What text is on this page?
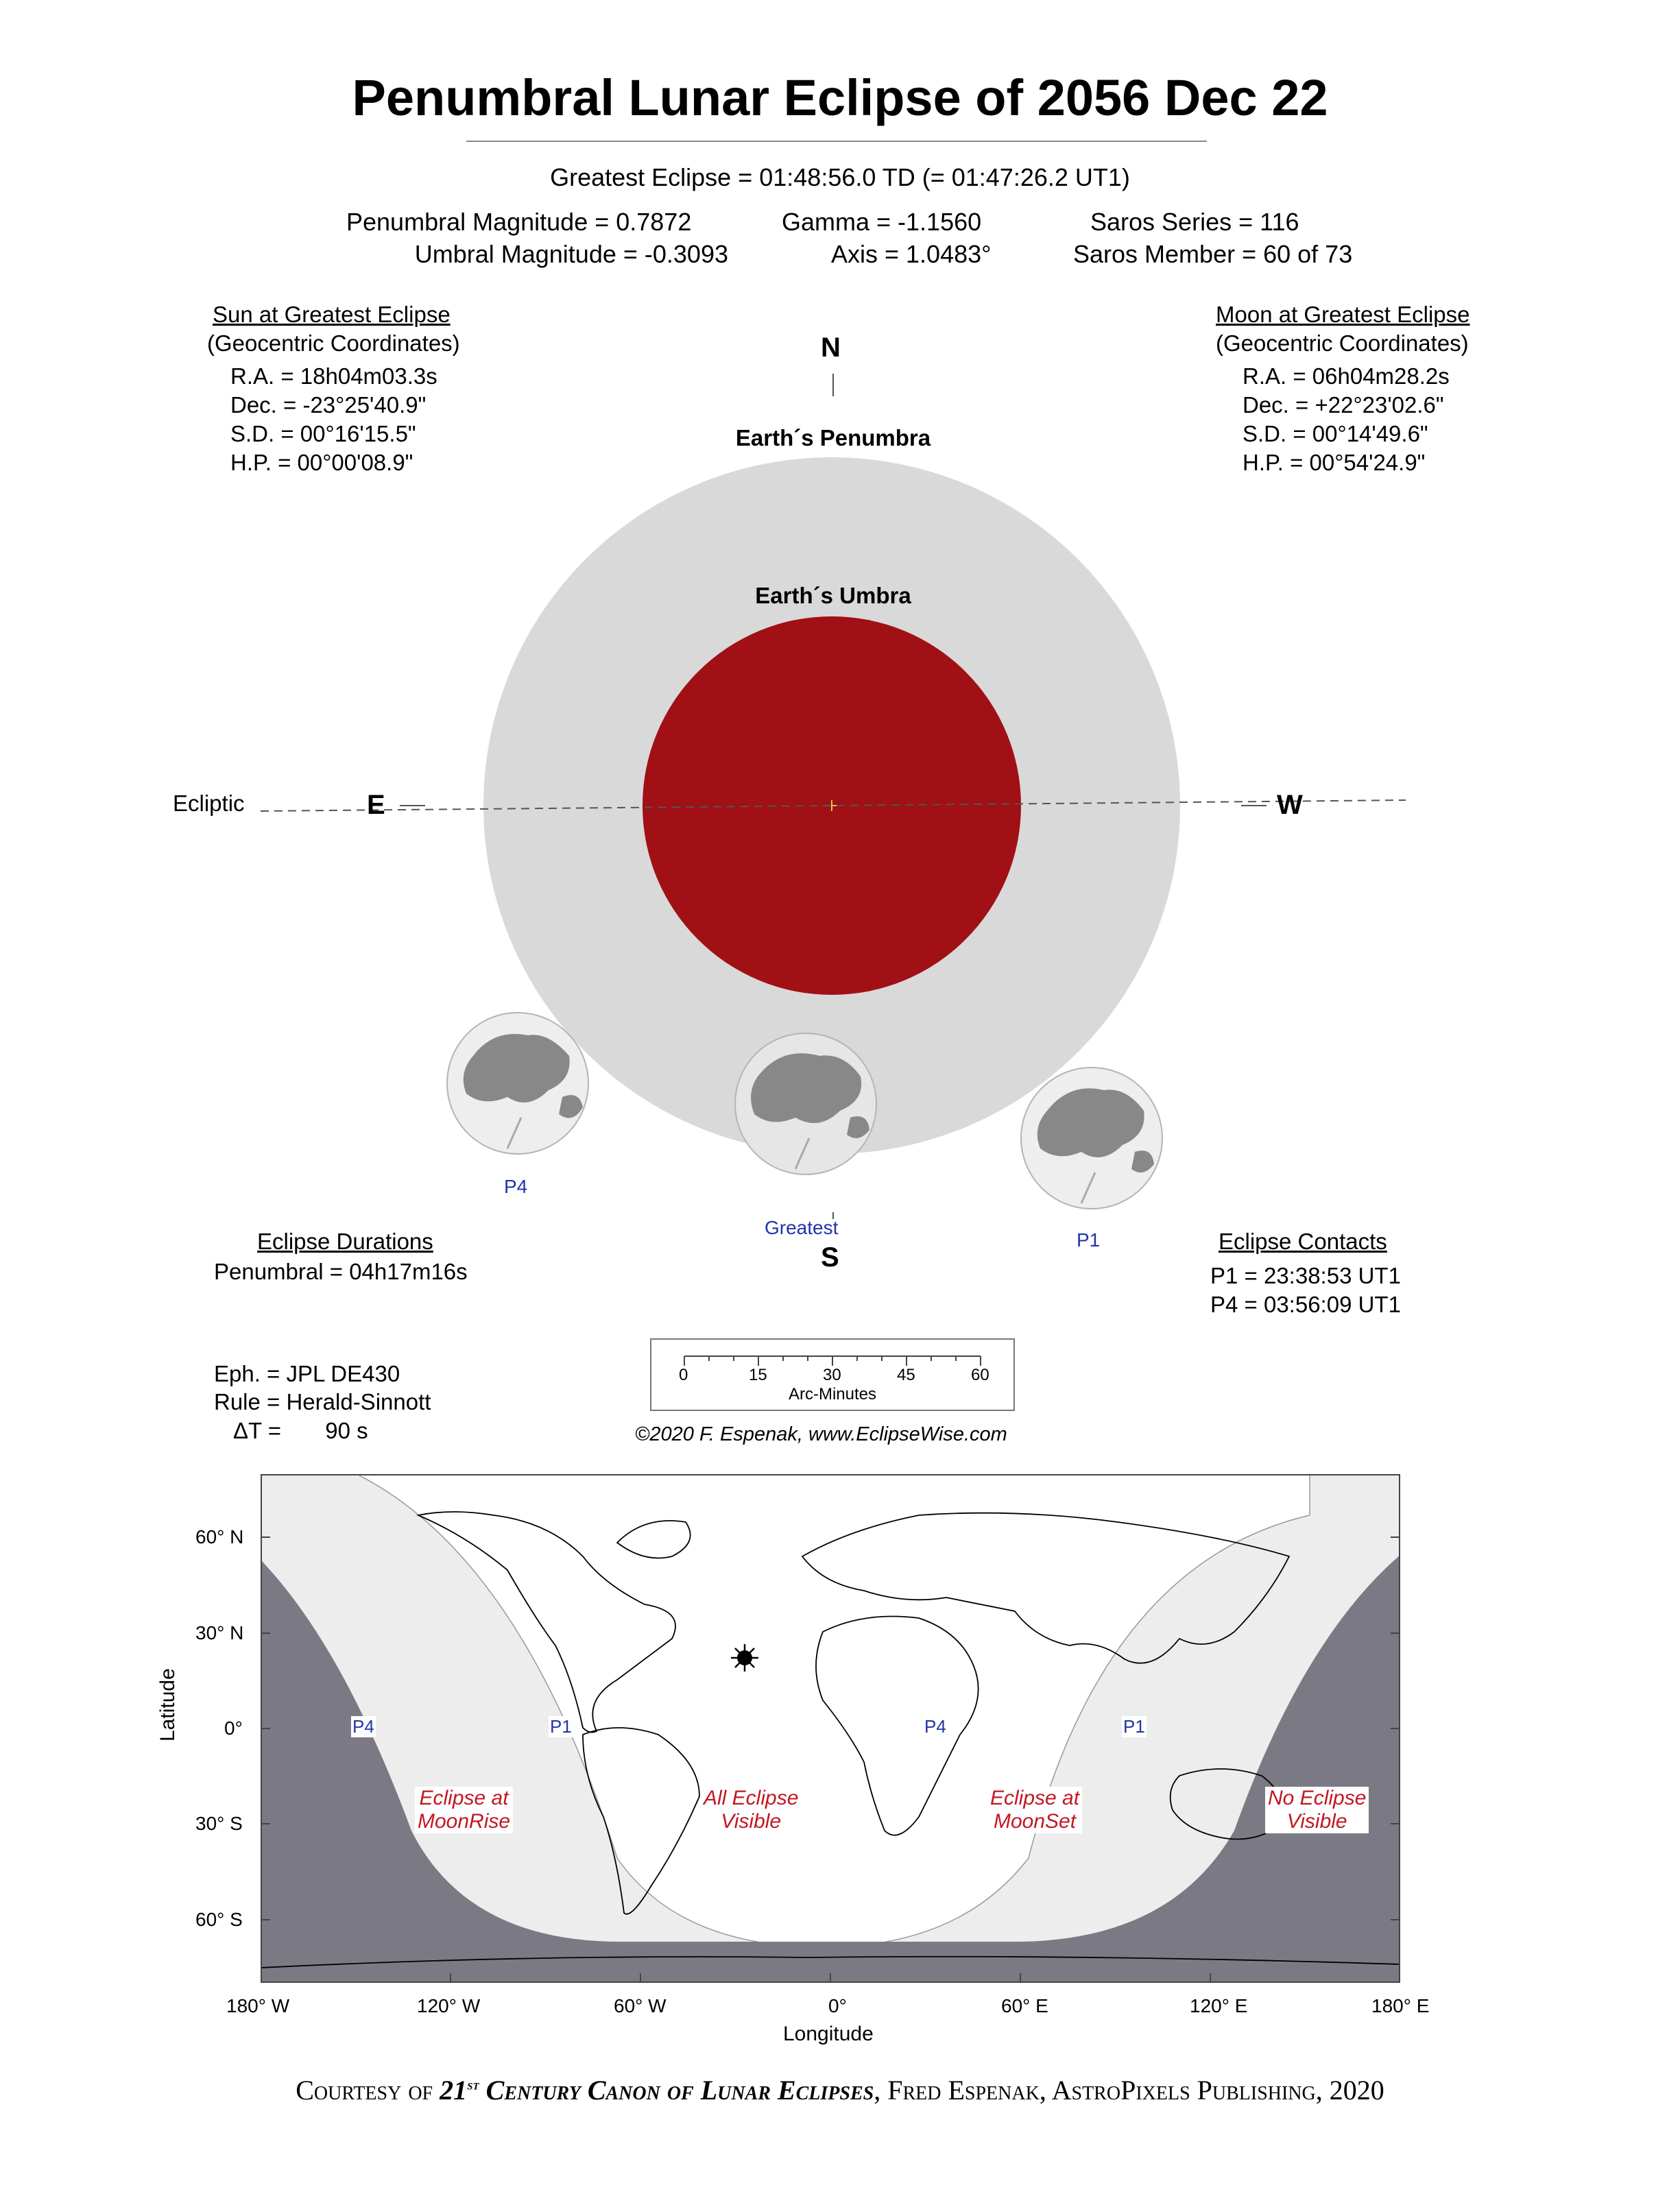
Penumbral Lunar Eclipse of 2056 Dec 22
Greatest Eclipse = 01:48:56.0 TD (= 01:47:26.2 UT1)
Penumbral Magnitude = 0.7872
Umbral Magnitude = -0.3093
Gamma = -1.1560
Axis = 1.0483°
Saros Series = 116
Saros Member = 60 of 73
Sun at Greatest Eclipse
(Geocentric Coordinates)
R.A. = 18h04m03.3s
Dec. = -23°25'40.9"
S.D. = 00°16'15.5"
H.P. = 00°00'08.9"
Moon at Greatest Eclipse
(Geocentric Coordinates)
R.A. = 06h04m28.2s
Dec. = +22°23'02.6"
S.D. = 00°14'49.6"
H.P. = 00°54'24.9"
N
S
E	W
Ecliptic
Earth´s Penumbra
Earth´s Umbra
P4
Greatest
P1
Eclipse Durations
Penumbral = 04h17m16s
Eclipse Contacts
P1 = 23:38:53 UT1
P4 = 03:56:09 UT1
Eph. = JPL DE430
Rule = Herald-Sinnott
ΔT =       90 s
0	15	30	45	60
Arc-Minutes
©2020 F. Espenak, www.EclipseWise.com
P4	P1	P4	P1
Eclipse at
MoonRise
All Eclipse
Visible
Eclipse at
MoonSet
No Eclipse
Visible
60° N
30° N
0°
30° S
60° S
Latitude
180° W	120° W	60° W	0°	60° E	120° E	180° E
Longitude
Courtesy of 21st Century Canon of Lunar Eclipses, Fred Espenak, AstroPixels Publishing, 2020
